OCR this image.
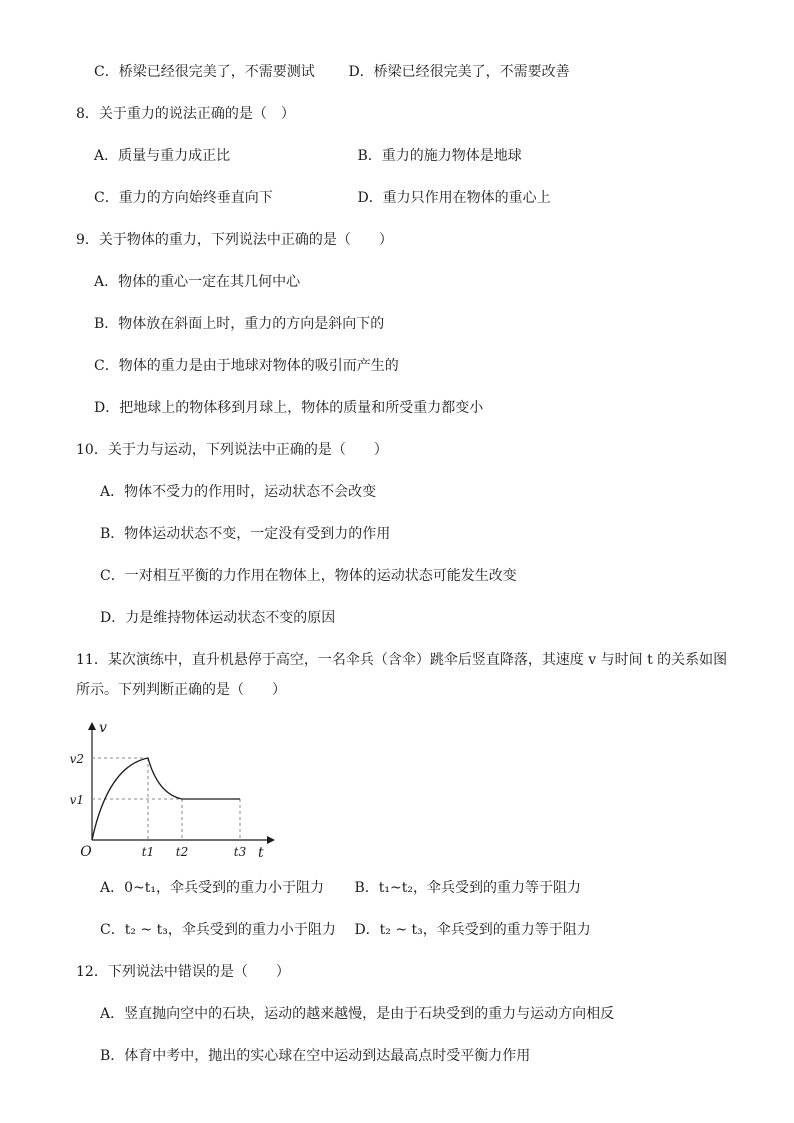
C．桥梁已经很完美了，不需要测试 D．桥梁已经很完美了，不需要改善
8．关于重力的说法正确的是（　）
A．质量与重力成正比	B．重力的施力物体是地球
C．重力的方向始终垂直向下	D．重力只作用在物体的重心上
9．关于物体的重力，下列说法中正确的是（　　）
A．物体的重心一定在其几何中心
B．物体放在斜面上时，重力的方向是斜向下的
C．物体的重力是由于地球对物体的吸引而产生的
D．把地球上的物体移到月球上，物体的质量和所受重力都变小
10．关于力与运动，下列说法中正确的是（　　）
A．物体不受力的作用时，运动状态不会改变
B．物体运动状态不变，一定没有受到力的作用
C．一对相互平衡的力作用在物体上，物体的运动状态可能发生改变
D．力是维持物体运动状态不变的原因
11．某次演练中，直升机悬停于高空，一名伞兵（含伞）跳伞后竖直降落，其速度 v 与时间 t 的关系如图
所示。下列判断正确的是（　　）
v
t
O
v2
v1
t1 t2	t3
A．0~t₁，伞兵受到的重力小于阻力 B．t₁~t₂，伞兵受到的重力等于阻力
C．t₂ ~ t₃，伞兵受到的重力小于阻力 D．t₂ ~ t₃，伞兵受到的重力等于阻力
12．下列说法中错误的是（　　）
A．竖直抛向空中的石块，运动的越来越慢，是由于石块受到的重力与运动方向相反
B．体育中考中，抛出的实心球在空中运动到达最高点时受平衡力作用
